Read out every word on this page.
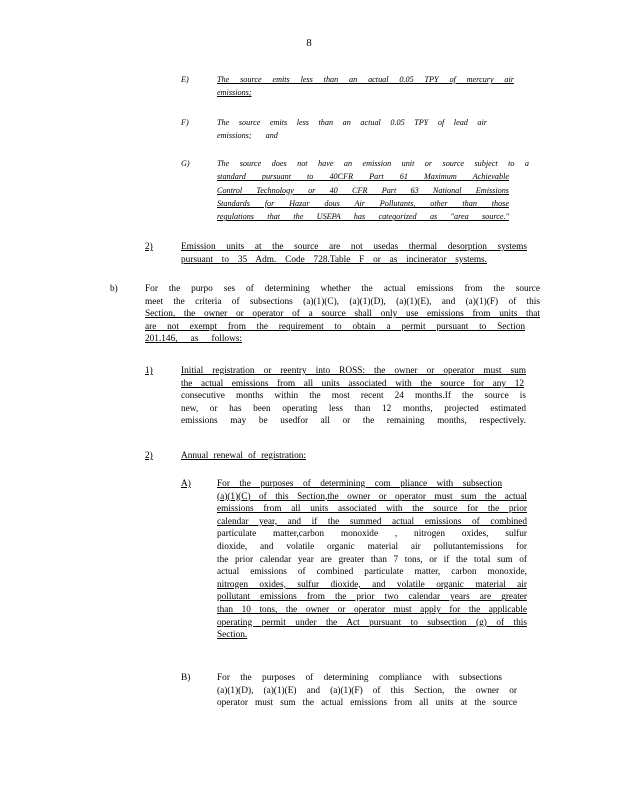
8
E)	The source emits less than an actual 0.05 TPY of mercury air
emissions;
F)	The source emits less than an actual 0.05 TPY of lead air
emissions; and
G)	The source does not have an emission unit or source subject to a
standard pursuant to 40CFR Part 61 Maximum Achievable
Control Technology or 40 CFR Part 63 National Emissions
Standards for Hazar dous Air Pollutants, other than those
regulations that the USEPA has categorized as "area source."
2)	Emission units at the source are not usedas thermal desorption systems
pursuant to 35 Adm. Code 728.Table F or as incinerator systems.
b)	For the purpo ses of determining whether the actual emissions from the source
meet the criteria of subsections (a)(1)(C), (a)(1)(D), (a)(1)(E), and (a)(1)(F) of this
Section, the owner or operator of a source shall only use emissions from units that
are not exempt from the requirement to obtain a permit pursuant to Section
201.146, as follows:
1)	Initial registration or reentry into ROSS: the owner or operator must sum
the actual emissions from all units associated with the source for any 12
consecutive months within the most recent 24 months.If the source is
new, or has been operating less than 12 months, projected estimated
emissions may be usedfor all or the remaining months, respectively.
2)	Annual renewal of registration:
A)	For the purposes of determining com pliance with subsection
(a)(1)(C) of this Section,the owner or operator must sum the actual
emissions from all units associated with the source for the prior
calendar year, and if the summed actual emissions of combined
particulate matter,carbon monoxide , nitrogen oxides, sulfur
dioxide, and volatile organic material air pollutantemissions for
the prior calendar year are greater than 7 tons, or if the total sum of
actual emissions of combined particulate matter, carbon monoxide,
nitrogen oxides, sulfur dioxide, and volatile organic material air
pollutant emissions from the prior two calendar years are greater
than 10 tons, the owner or operator must apply for the applicable
operating permit under the Act pursuant to subsection (g) of this
Section.
B)	For the purposes of determining compliance with subsections
(a)(1)(D), (a)(1)(E) and (a)(1)(F) of this Section, the owner or
operator must sum the actual emissions from all units at the source
